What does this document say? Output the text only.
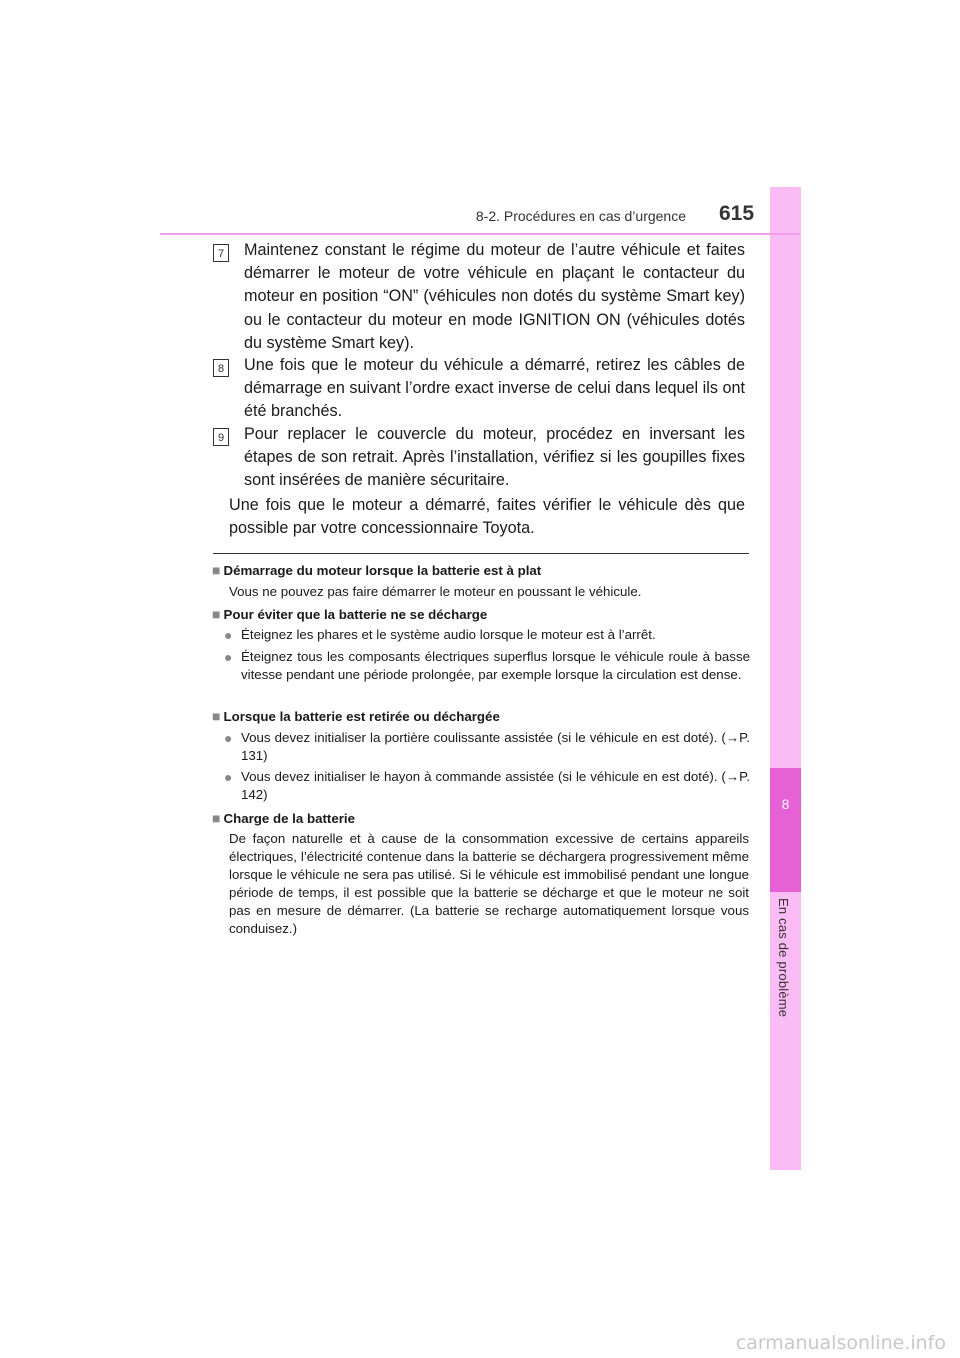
8
En cas de problème
8-2. Procédures en cas d’urgence 615
7	Maintenez constant le régime du moteur de l’autre véhicule et faites démarrer le moteur de votre véhicule en plaçant le contacteur du moteur en position “ON” (véhicules non dotés du système Smart key) ou le contacteur du moteur en mode IGNITION ON (véhicules dotés du système Smart key).
8	Une fois que le moteur du véhicule a démarré, retirez les câbles de démarrage en suivant l’ordre exact inverse de celui dans lequel ils ont été branchés.
9	Pour replacer le couvercle du moteur, procédez en inversant les étapes de son retrait. Après l’installation, vérifiez si les goupilles fixes sont insérées de manière sécuritaire.
Une fois que le moteur a démarré, faites vérifier le véhicule dès que possible par votre concessionnaire Toyota.
■ Démarrage du moteur lorsque la batterie est à plat
Vous ne pouvez pas faire démarrer le moteur en poussant le véhicule.
■ Pour éviter que la batterie ne se décharge
● Éteignez les phares et le système audio lorsque le moteur est à l’arrêt.
● Éteignez tous les composants électriques superflus lorsque le véhicule roule à basse vitesse pendant une période prolongée, par exemple lorsque la circulation est dense.
■ Lorsque la batterie est retirée ou déchargée
● Vous devez initialiser la portière coulissante assistée (si le véhicule en est doté). (→P. 131)
● Vous devez initialiser le hayon à commande assistée (si le véhicule en est doté). (→P. 142)
■ Charge de la batterie
De façon naturelle et à cause de la consommation excessive de certains appareils électriques, l’électricité contenue dans la batterie se déchargera progressivement même lorsque le véhicule ne sera pas utilisé. Si le véhicule est immobilisé pendant une longue période de temps, il est possible que la batterie se décharge et que le moteur ne soit pas en mesure de démarrer. (La batterie se recharge automatiquement lorsque vous conduisez.)
carmanualsonline.info
